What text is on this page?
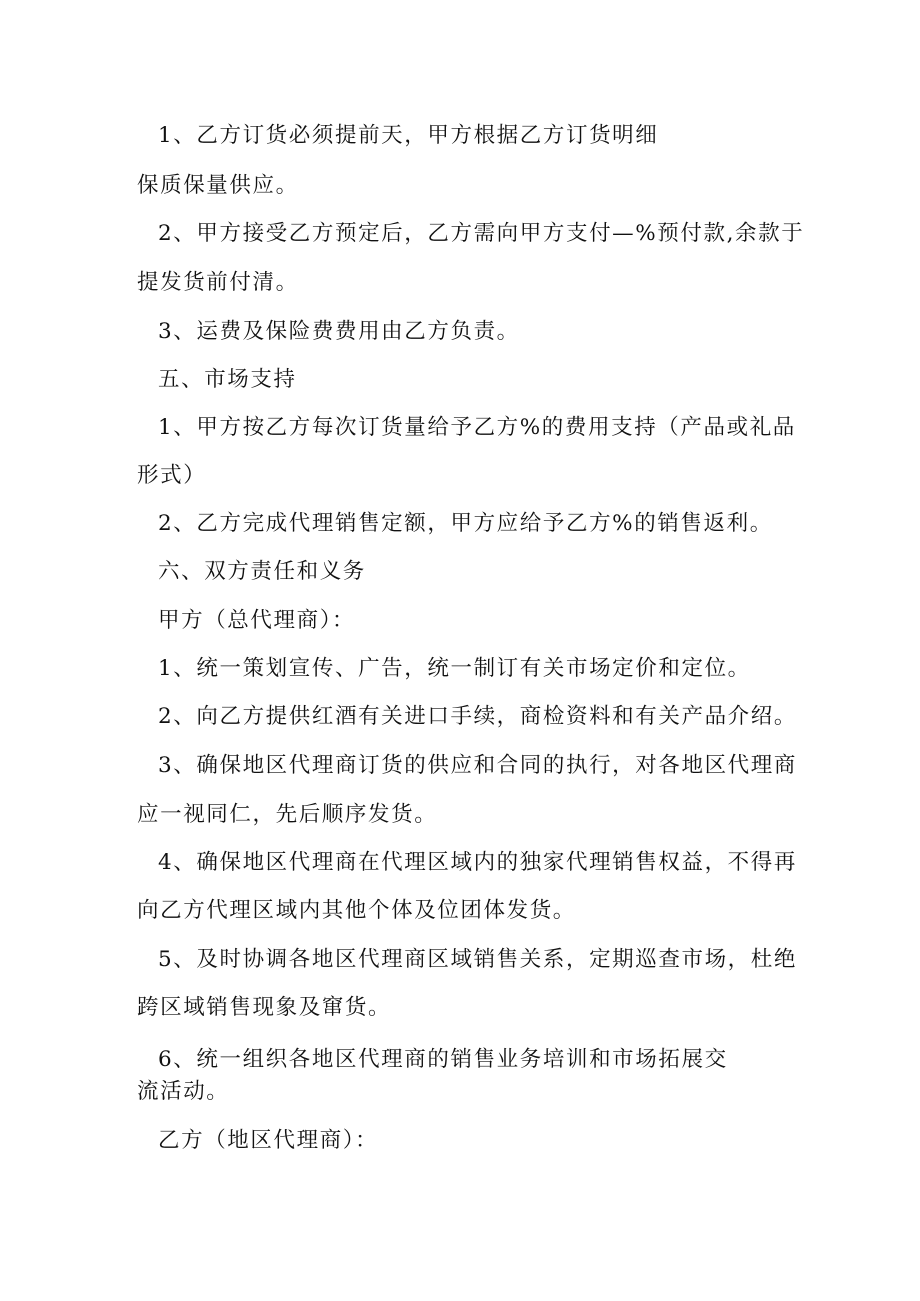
1、乙方订货必须提前天，甲方根据乙方订货明细
保质保量供应。
2、甲方接受乙方预定后，乙方需向甲方支付—%预付款,余款于
提发货前付清。
3、运费及保险费费用由乙方负责。
五、市场支持
1、甲方按乙方每次订货量给予乙方%的费用支持（产品或礼品
形式）
2、乙方完成代理销售定额，甲方应给予乙方%的销售返利。
六、双方责任和义务
甲方（总代理商）：
1、统一策划宣传、广告，统一制订有关市场定价和定位。
2、向乙方提供红酒有关进口手续，商检资料和有关产品介绍。
3、确保地区代理商订货的供应和合同的执行，对各地区代理商
应一视同仁，先后顺序发货。
4、确保地区代理商在代理区域内的独家代理销售权益，不得再
向乙方代理区域内其他个体及位团体发货。
5、及时协调各地区代理商区域销售关系，定期巡查市场，杜绝
跨区域销售现象及窜货。
6、统一组织各地区代理商的销售业务培训和市场拓展交
流活动。
乙方（地区代理商）：
